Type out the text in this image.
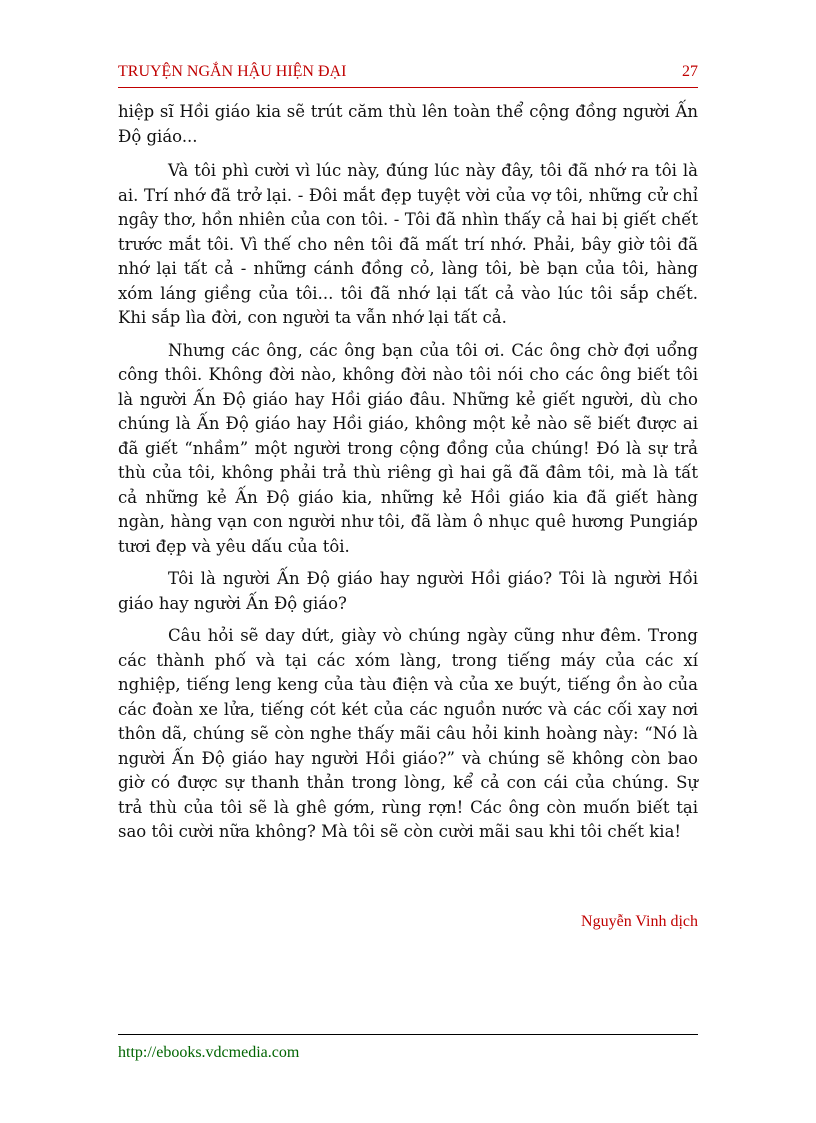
TRUYỆN NGẮN HẬU HIỆN ĐẠI	27

hiệp sĩ Hồi giáo kia sẽ trút căm thù lên toàn thể cộng đồng người Ấn Độ giáo...

Và tôi phì cười vì lúc này, đúng lúc này đây, tôi đã nhớ ra tôi là ai. Trí nhớ đã trở lại. - Đôi mắt đẹp tuyệt vời của vợ tôi, những cử chỉ ngây thơ, hồn nhiên của con tôi. - Tôi đã nhìn thấy cả hai bị giết chết trước mắt tôi. Vì thế cho nên tôi đã mất trí nhớ. Phải, bây giờ tôi đã nhớ lại tất cả - những cánh đồng cỏ, làng tôi, bè bạn của tôi, hàng xóm láng giềng của tôi... tôi đã nhớ lại tất cả vào lúc tôi sắp chết. Khi sắp lìa đời, con người ta vẫn nhớ lại tất cả.

Nhưng các ông, các ông bạn của tôi ơi. Các ông chờ đợi uổng công thôi. Không đời nào, không đời nào tôi nói cho các ông biết tôi là người Ấn Độ giáo hay Hồi giáo đâu. Những kẻ giết người, dù cho chúng là Ấn Độ giáo hay Hồi giáo, không một kẻ nào sẽ biết được ai đã giết “nhầm” một người trong cộng đồng của chúng! Đó là sự trả thù của tôi, không phải trả thù riêng gì hai gã đã đâm tôi, mà là tất cả những kẻ Ấn Độ giáo kia, những kẻ Hồi giáo kia đã giết hàng ngàn, hàng vạn con người như tôi, đã làm ô nhục quê hương Pungiáp tươi đẹp và yêu dấu của tôi.

Tôi là người Ấn Độ giáo hay người Hồi giáo? Tôi là người Hồi giáo hay người Ấn Độ giáo?

Câu hỏi sẽ day dứt, giày vò chúng ngày cũng như đêm. Trong các thành phố và tại các xóm làng, trong tiếng máy của các xí nghiệp, tiếng leng keng của tàu điện và của xe buýt, tiếng ồn ào của các đoàn xe lửa, tiếng cót két của các nguồn nước và các cối xay nơi thôn dã, chúng sẽ còn nghe thấy mãi câu hỏi kinh hoàng này: “Nó là người Ấn Độ giáo hay người Hồi giáo?” và chúng sẽ không còn bao giờ có được sự thanh thản trong lòng, kể cả con cái của chúng. Sự trả thù của tôi sẽ là ghê gớm, rùng rợn! Các ông còn muốn biết tại sao tôi cười nữa không? Mà tôi sẽ còn cười mãi sau khi tôi chết kia!

Nguyễn Vinh dịch
http://ebooks.vdcmedia.com
